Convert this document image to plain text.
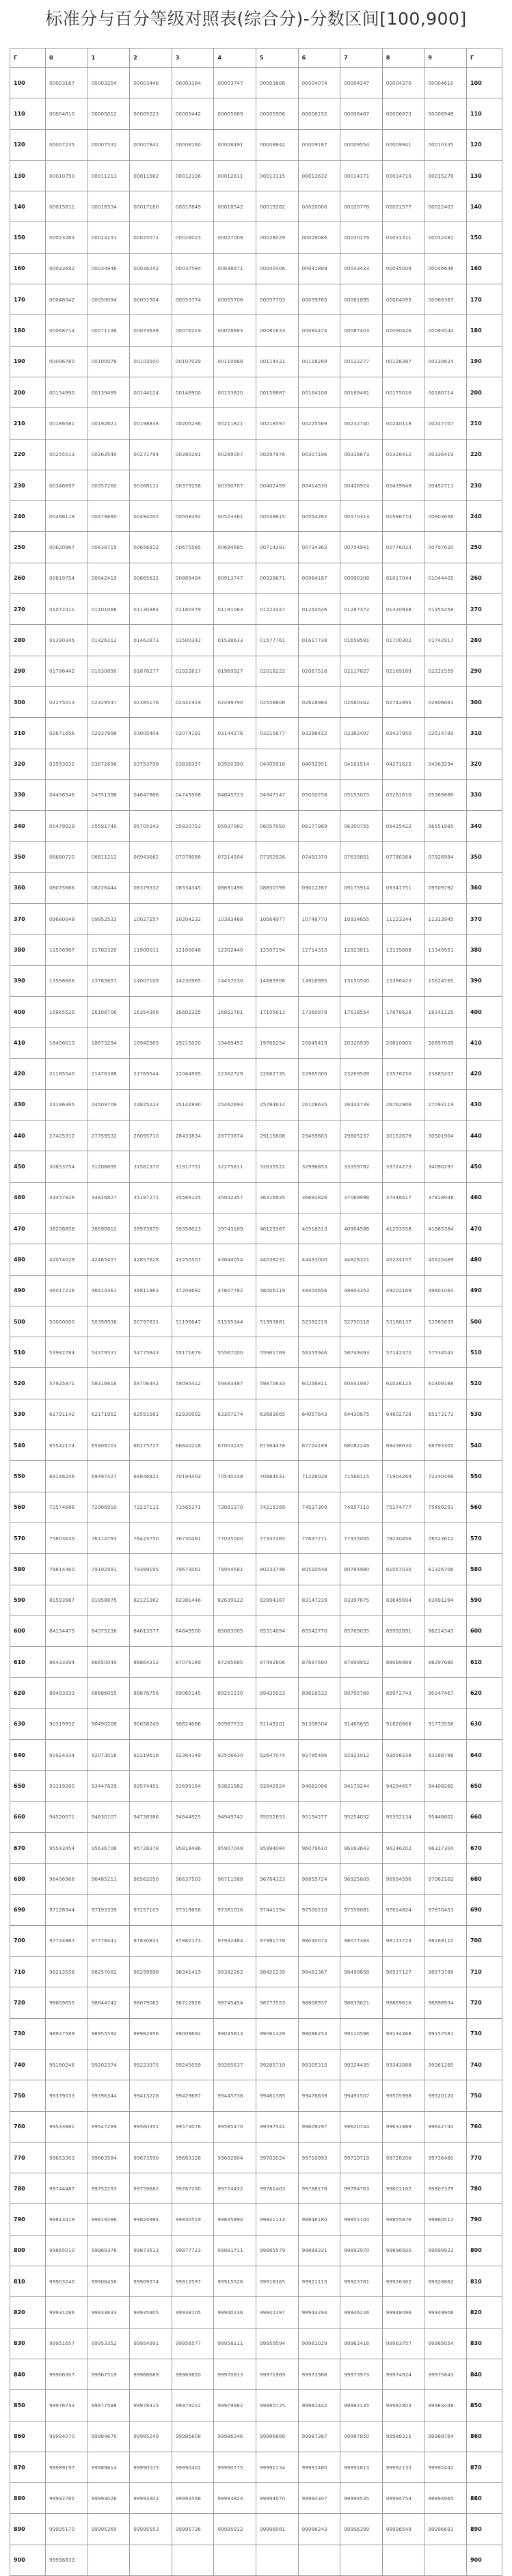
标准分与百分等级对照表(综合分)-分数区间[100,900]
Γ	0	1	2	3	4	5	6	7	8	9	Γ
100	00003167	00003204	00003446	00003384	00003747	00003808	00004074	00004247	00004370	00004610	100
110	00004810	00005012	00005223	00005442	00005669	00005906	00006152	00006407	00006673	00006948	110
120	00007235	00007532	00007841	00008160	00008491	00008842	00009187	00009554	00009941	00010335	120
130	00010750	00011213	00011662	00012106	00012611	00013115	00013632	00014171	00014715	00015278	130
140	00015811	00016534	00017180	00017849	00018542	00019262	00020006	00020778	00021577	00022403	140
150	00023263	00024131	00025071	00026023	00027009	00028029	00029086	00030179	00031311	00032481	150
160	00033692	00034946	00036242	00037584	00038971	00040406	00041889	00043423	00045009	00046648	160
170	00048342	00050094	00051904	00053774	00055706	00057703	00059765	00061895	00064095	00066367	170
180	00068714	00071136	00073638	00076219	00078883	00081633	00084474	00087403	00090426	00093544	180
190	00096760	00100078	00103500	00107029	00110668	00114421	00118289	00122277	00126387	00130624	190
200	00134990	00139489	00144124	00148900	00153820	00158887	00164106	00169481	00175016	00180714	200
210	00186581	00192621	00198838	00205236	00211821	00218597	00225569	00232740	00240118	00247707	210
220	00255513	00263540	00271794	00280281	00289007	00297976	00307196	00316673	00326412	00336419	220
230	00346697	00357260	00368111	00379258	00390707	00402459	00414530	00426924	00439648	00452711	230
240	00466119	00479880	00494002	00508492	00523361	00538615	00554262	00570313	00586774	00603656	240
250	00620967	00638715	00656912	00675565	00694685	00714281	00734363	00754941	00776023	00797620	250
260	00819754	00842419	00865632	00889404	00913747	00938671	00964187	00990308	01017044	01044405	260
270	01072411	01101066	01130384	01160379	01191063	01222447	01254546	01287372	01320938	01355258	270
280	01390345	01426212	01462873	01500342	01538633	01577761	01617738	01658581	01700302	01742917	280
290	01786442	01830890	01876277	01922617	01969927	02018222	02067518	02117827	02169169	02221559	290
300	02275013	02329547	02385176	02441919	02499790	02558806	02618984	02680342	02742895	02806661	300
310	02871656	02937898	03005404	03074191	03144276	03215677	03288412	03362497	03437950	03514789	310
320	03593032	03672696	03753798	03836357	03920390	04005916	04092951	04181514	04271622	04363294	320
330	04456546	04551398	04647866	04745968	04845723	04947147	05050258	05155073	05261610	05369886	330
340	05479929	05591740	05705343	05820753	05937982	06057050	06177969	06300755	06425422	06551985	340
350	06680720	06811212	06943662	07078088	07214504	07352926	07493370	07635851	07780384	07926984	350
360	08075666	08226444	08379332	08534345	08691496	08850799	09012267	09175914	09341751	09509792	360
370	09680048	09852533	10027257	10204232	10383468	10564977	10748770	10934855	11123244	11313945	370
380	11506967	11702320	11900011	12100048	12302440	12507194	12714315	12923811	13135688	13349951	380
390	13566606	13785657	14007109	14230965	14457230	14685906	14916995	15150500	15386423	15624765	390
400	15865525	16108706	16354306	16602325	16852761	17105613	17360878	17618554	17878638	18141125	400
410	18406013	18673294	18942965	19215020	19489452	19766254	20045419	20326939	20610805	20897009	410
420	21185540	21476388	21769544	22064995	22362729	22662735	22965000	23269509	23576250	23885207	420
430	24196365	24509709	24825223	25142890	25462693	25784614	26108635	26434738	26762906	27093119	430
440	27425312	27759532	28095710	28433834	28773874	29115808	29459603	29805237	30152679	30501904	440
450	30853754	31206695	31561370	31917751	32275811	32635522	32996855	33359782	33724273	34090297	450
460	34457826	34826827	35197271	35569125	35942357	36316935	36692826	37069998	37448417	37828048	460
470	38208858	38590812	38973875	39358013	39743189	40129367	40516513	40904588	41293558	41683384	470
480	42074029	42465457	42857628	43250507	43644054	44038231	44433000	44828321	45224157	45620469	480
490	46017216	46414361	46811863	47209682	47607782	48006119	48404656	48803353	49202169	49601064	490
500	50000000	50398936	50797831	51196647	51595344	51993881	52392218	52790318	53188137	53585639	500
510	53982784	54379531	54775843	55171679	55567000	55961769	56355946	56749493	57142372	57534543	510
520	57925971	58316616	58706442	59095412	59483487	59870633	60256811	60641987	61026125	61409188	520
530	61791142	62171952	62551583	62930002	63307174	63683065	64057643	64430875	64802729	65173173	530
540	65542174	65909703	66275727	66640218	67003145	67364478	67724189	68082249	68438630	68793305	540
550	69146246	69497427	69846821	70194403	70540148	70884031	71226028	71566115	71904269	72240468	550
560	72574688	72906910	73237111	73565271	73891370	74215389	74537309	74857110	75174777	75490291	560
570	75803635	76114793	76423750	76730491	77035000	77337265	77637271	77935005	78230456	78523612	570
580	78814460	79102991	79389195	79673061	79954581	80233746	80510548	80784980	81057035	81326706	580
590	81593987	81858875	82121362	82381446	82639122	82894387	83147239	83397675	83645694	83891294	590
600	84134475	84375236	84613577	84849500	85083005	85314094	85542770	85769035	85992891	86214343	600
610	86433394	86650049	86864312	87076189	87285685	87492806	87697560	87899952	88099989	88297680	610
620	88493033	88686055	88876756	89065145	89251230	89435023	89616532	89795768	89972743	90147467	620
630	90319952	90490208	90658249	90824086	90987733	91149201	91308504	91465655	91620668	91773556	630
640	91924334	92073016	92219616	92364149	92506630	92647074	92785496	92921912	93056338	93188788	640
650	93319280	93447829	93574451	93699164	93821982	93942924	94062006	94179244	94294657	94408260	650
660	94520071	94630107	94738386	94844925	94949742	95052853	95154277	95254032	95352134	95448602	660
670	95543454	95636706	95728378	95818486	95907049	95994084	96079610	96163643	96246202	96327304	670
680	96406968	96485211	96562050	96637503	96711588	96784323	96855724	96925809	96994596	97062102	680
690	97128344	97193339	97257105	97319658	97381016	97441194	97500210	97558081	97614824	97670453	690
700	97724987	97778441	97830831	97882173	97932484	97981778	98030073	98077383	98123723	98169110	700
710	98213558	98257082	98299698	98341419	98382262	98422239	98461367	98499658	98537127	98573788	710
720	98609655	98644742	98679062	98712628	98745454	98777553	98808937	98839621	98869616	98898934	720
730	98927589	98955592	98982956	99009692	99035813	99061329	99086253	99110596	99134368	99157581	730
740	99180246	99202374	99223975	99245059	99265637	99285719	99305315	99324435	99343088	99361285	740
750	99379033	99396344	99413226	99429687	99445738	99461385	99476639	99491507	99505998	99520120	750
760	99533881	99547289	99560351	99573076	99585470	99597541	99609297	99620744	99631889	99642740	760
770	99653303	99663584	99673590	99683328	99692804	99702024	99710993	99719719	99728206	99736460	770
780	99744487	99752293	99759882	99767260	99774432	99781403	99788179	99794763	99801162	99807379	780
790	99813419	99819286	99824984	99830519	99835894	99841113	99846180	99851100	99855876	99860511	790
800	99865010	99869376	99873613	99877723	99881711	99885579	99889331	99892970	99896500	99899922	800
810	99903240	99906456	99909574	99912597	99915526	99918365	99921115	99923781	99926362	99928862	810
820	99931286	99933633	99935905	99938105	99940236	99942297	99944294	99946226	99948096	99949906	820
830	99951657	99953352	99954991	99956577	99958111	99959594	99961029	99962416	99963757	99965054	830
840	99966307	99967519	99968689	99969820	99970913	99971969	99972988	99973973	99974924	99975843	840
850	99976733	99977588	99978415	99979212	99979982	99980725	99981442	99982135	99982803	99983448	850
860	99984070	99984670	99985249	99985808	99986346	99986866	99987367	99987850	99988315	99988764	860
870	99989197	99989614	99990015	99990402	99990775	99991134	99991480	99991813	99992133	99992442	870
880	99992765	99993026	99993302	99993568	99993824	99994070	99994307	99994535	99994754	99994965	880
890	99995170	99995360	99995553	99995736	99995912	99996081	99996243	99996399	99996549	99996693	890
900	99996833										900
